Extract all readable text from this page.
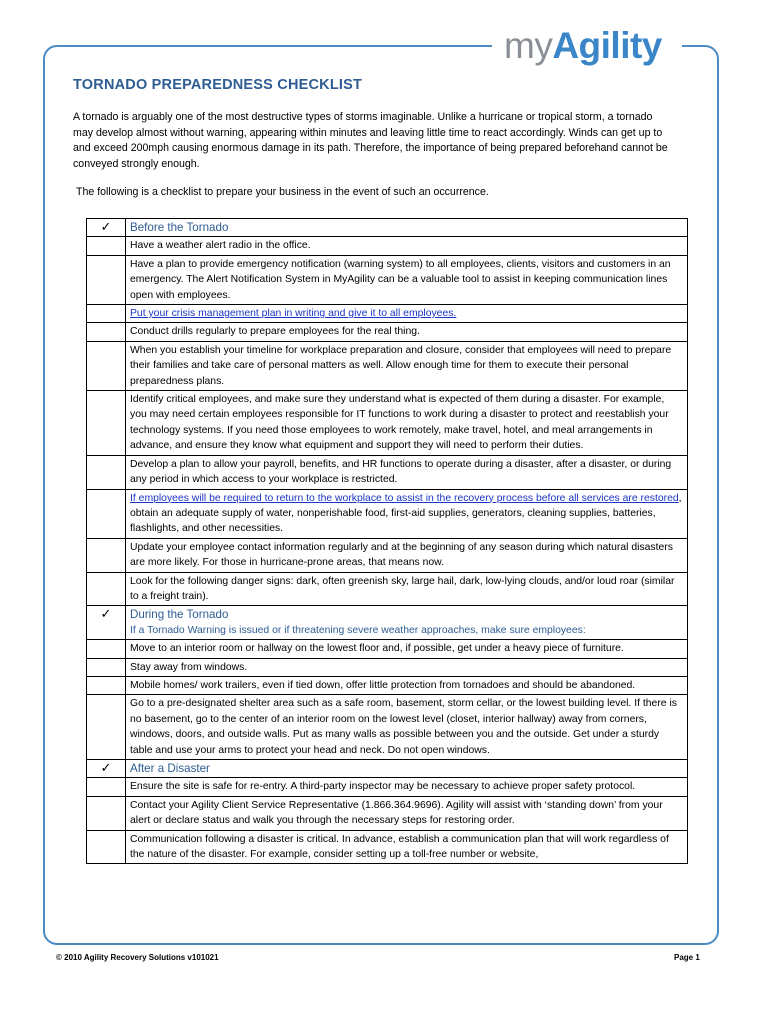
myAgility
TORNADO PREPAREDNESS CHECKLIST
A tornado is arguably one of the most destructive types of storms imaginable. Unlike a hurricane or tropical storm, a tornado may develop almost without warning, appearing within minutes and leaving little time to react accordingly. Winds can get up to and exceed 200mph causing enormous damage in its path. Therefore, the importance of being prepared beforehand cannot be conveyed strongly enough.
The following is a checklist to prepare your business in the event of such an occurrence.
✓	Before the Tornado
	Have a weather alert radio in the office.
	Have a plan to provide emergency notification (warning system) to all employees, clients, visitors and customers in an emergency. The Alert Notification System in MyAgility can be a valuable tool to assist in keeping communication lines open with employees.
	Put your crisis management plan in writing and give it to all employees.
	Conduct drills regularly to prepare employees for the real thing.
	When you establish your timeline for workplace preparation and closure, consider that employees will need to prepare their families and take care of personal matters as well. Allow enough time for them to execute their personal preparedness plans.
	Identify critical employees, and make sure they understand what is expected of them during a disaster. For example, you may need certain employees responsible for IT functions to work during a disaster to protect and reestablish your technology systems. If you need those employees to work remotely, make travel, hotel, and meal arrangements in advance, and ensure they know what equipment and support they will need to perform their duties.
	Develop a plan to allow your payroll, benefits, and HR functions to operate during a disaster, after a disaster, or during any period in which access to your workplace is restricted.
	If employees will be required to return to the workplace to assist in the recovery process before all services are restored, obtain an adequate supply of water, nonperishable food, first-aid supplies, generators, cleaning supplies, batteries, flashlights, and other necessities.
	Update your employee contact information regularly and at the beginning of any season during which natural disasters are more likely. For those in hurricane-prone areas, that means now.
	Look for the following danger signs: dark, often greenish sky, large hail, dark, low-lying clouds, and/or loud roar (similar to a freight train).
✓	During the Tornado
If a Tornado Warning is issued or if threatening severe weather approaches, make sure employees:

	Move to an interior room or hallway on the lowest floor and, if possible, get under a heavy piece of furniture.
	Stay away from windows.
	Mobile homes/ work trailers, even if tied down, offer little protection from tornadoes and should be abandoned.
	Go to a pre-designated shelter area such as a safe room, basement, storm cellar, or the lowest building level. If there is no basement, go to the center of an interior room on the lowest level (closet, interior hallway) away from corners, windows, doors, and outside walls. Put as many walls as possible between you and the outside. Get under a sturdy table and use your arms to protect your head and neck. Do not open windows.
✓	After a Disaster
	Ensure the site is safe for re-entry. A third-party inspector may be necessary to achieve proper safety protocol.
	Contact your Agility Client Service Representative (1.866.364.9696). Agility will assist with ‘standing down’ from your alert or declare status and walk you through the necessary steps for restoring order.
	Communication following a disaster is critical. In advance, establish a communication plan that will work regardless of the nature of the disaster. For example, consider setting up a toll-free number or website,
© 2010 Agility Recovery Solutions v101021	Page 1
